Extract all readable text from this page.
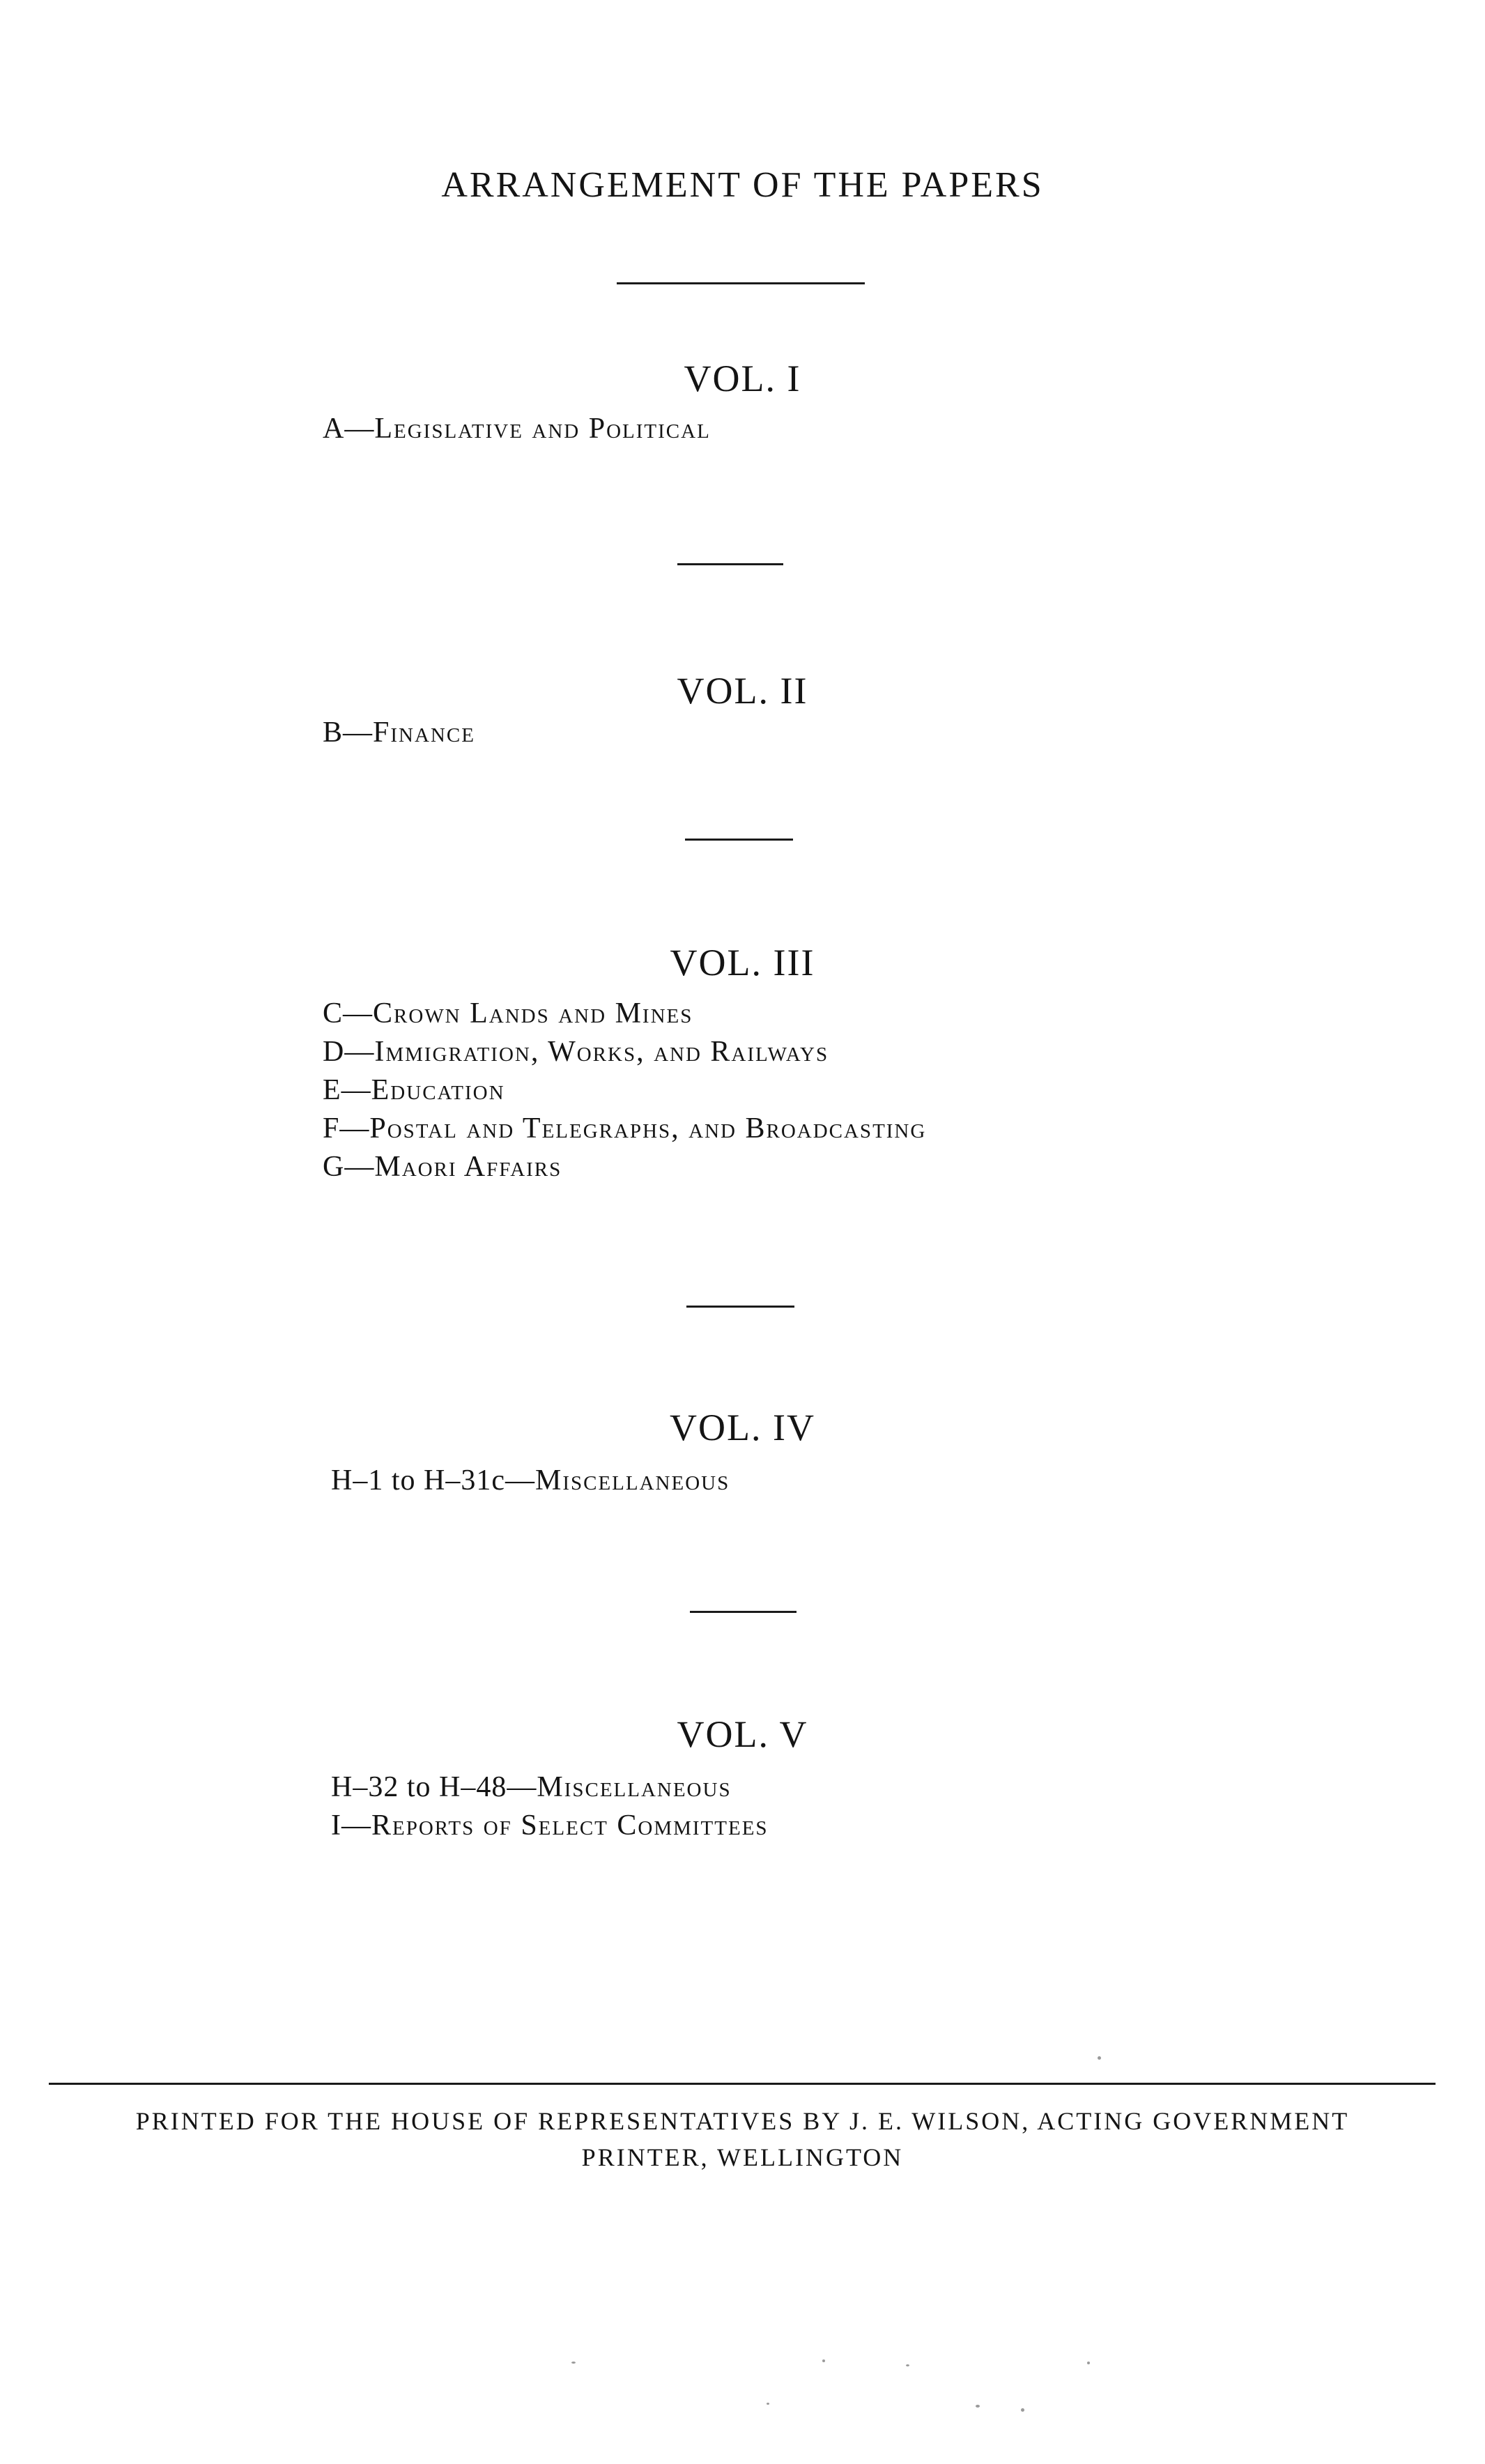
ARRANGEMENT OF THE PAPERS
VOL. I
A—Legislative and Political
VOL. II
B—Finance
VOL. III
C—Crown Lands and Mines
D—Immigration, Works, and Railways
E—Education
F—Postal and Telegraphs, and Broadcasting
G—Maori Affairs
VOL. IV
H–1 to H–31c—Miscellaneous
VOL. V
H–32 to H–48—Miscellaneous
I—Reports of Select Committees

PRINTED FOR THE HOUSE OF REPRESENTATIVES BY J. E. WILSON, ACTING GOVERNMENT

PRINTER, WELLINGTON
